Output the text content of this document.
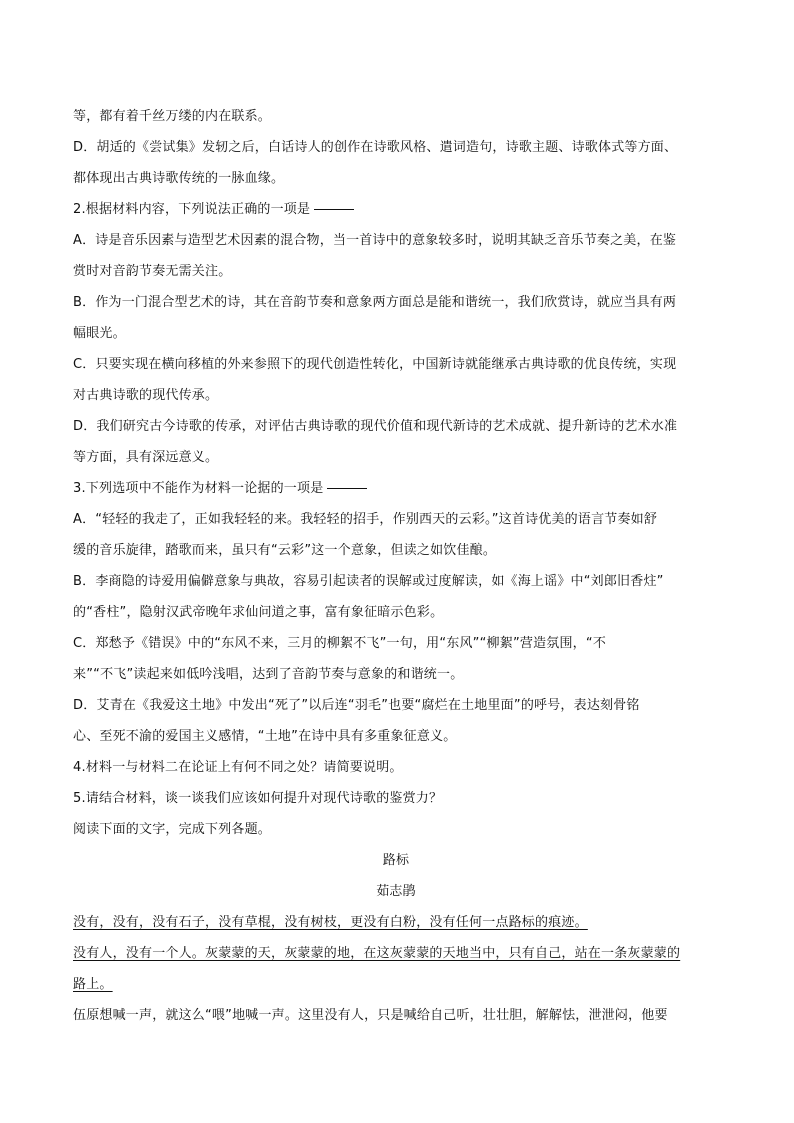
等，都有着千丝万缕的内在联系。
D．胡适的《尝试集》发轫之后，白话诗人的创作在诗歌风格、遣词造句，诗歌主题、诗歌体式等方面、
都体现出古典诗歌传统的一脉血缘。
2.根据材料内容，下列说法正确的一项是
A．诗是音乐因素与造型艺术因素的混合物，当一首诗中的意象较多时，说明其缺乏音乐节奏之美，在鉴
赏时对音韵节奏无需关注。
B．作为一门混合型艺术的诗，其在音韵节奏和意象两方面总是能和谐统一，我们欣赏诗，就应当具有两
幅眼光。
C．只要实现在横向移植的外来参照下的现代创造性转化，中国新诗就能继承古典诗歌的优良传统，实现
对古典诗歌的现代传承。
D．我们研究古今诗歌的传承，对评估古典诗歌的现代价值和现代新诗的艺术成就、提升新诗的艺术水准
等方面，具有深远意义。
3.下列选项中不能作为材料一论据的一项是
A．“轻轻的我走了，正如我轻轻的来。我轻轻的招手，作别西天的云彩。”这首诗优美的语言节奏如舒
缓的音乐旋律，踏歌而来，虽只有“云彩”这一个意象，但读之如饮佳酿。
B．李商隐的诗爱用偏僻意象与典故，容易引起读者的误解或过度解读，如《海上谣》中“刘郎旧香炷”
的“香柱”，隐射汉武帝晚年求仙问道之事，富有象征暗示色彩。
C．郑愁予《错误》中的“东风不来，三月的柳絮不飞”一句，用“东风”“柳絮”营造氛围，“不
来”“不飞”读起来如低吟浅唱，达到了音韵节奏与意象的和谐统一。
D．艾青在《我爱这土地》中发出“死了”以后连“羽毛”也要“腐烂在土地里面”的呼号，表达刻骨铭
心、至死不渝的爱国主义感情，“土地”在诗中具有多重象征意义。
4.材料一与材料二在论证上有何不同之处？请简要说明。
5.请结合材料，谈一谈我们应该如何提升对现代诗歌的鉴赏力？
阅读下面的文字，完成下列各题。
路标
茹志鹃
没有，没有，没有石子，没有草棍，没有树枝，更没有白粉，没有任何一点路标的痕迹。
没有人，没有一个人。灰蒙蒙的天，灰蒙蒙的地，在这灰蒙蒙的天地当中，只有自己，站在一条灰蒙蒙的
路上。
伍原想喊一声，就这么“喂”地喊一声。这里没有人，只是喊给自己听，壮壮胆，解解怯，泄泄闷，他要
